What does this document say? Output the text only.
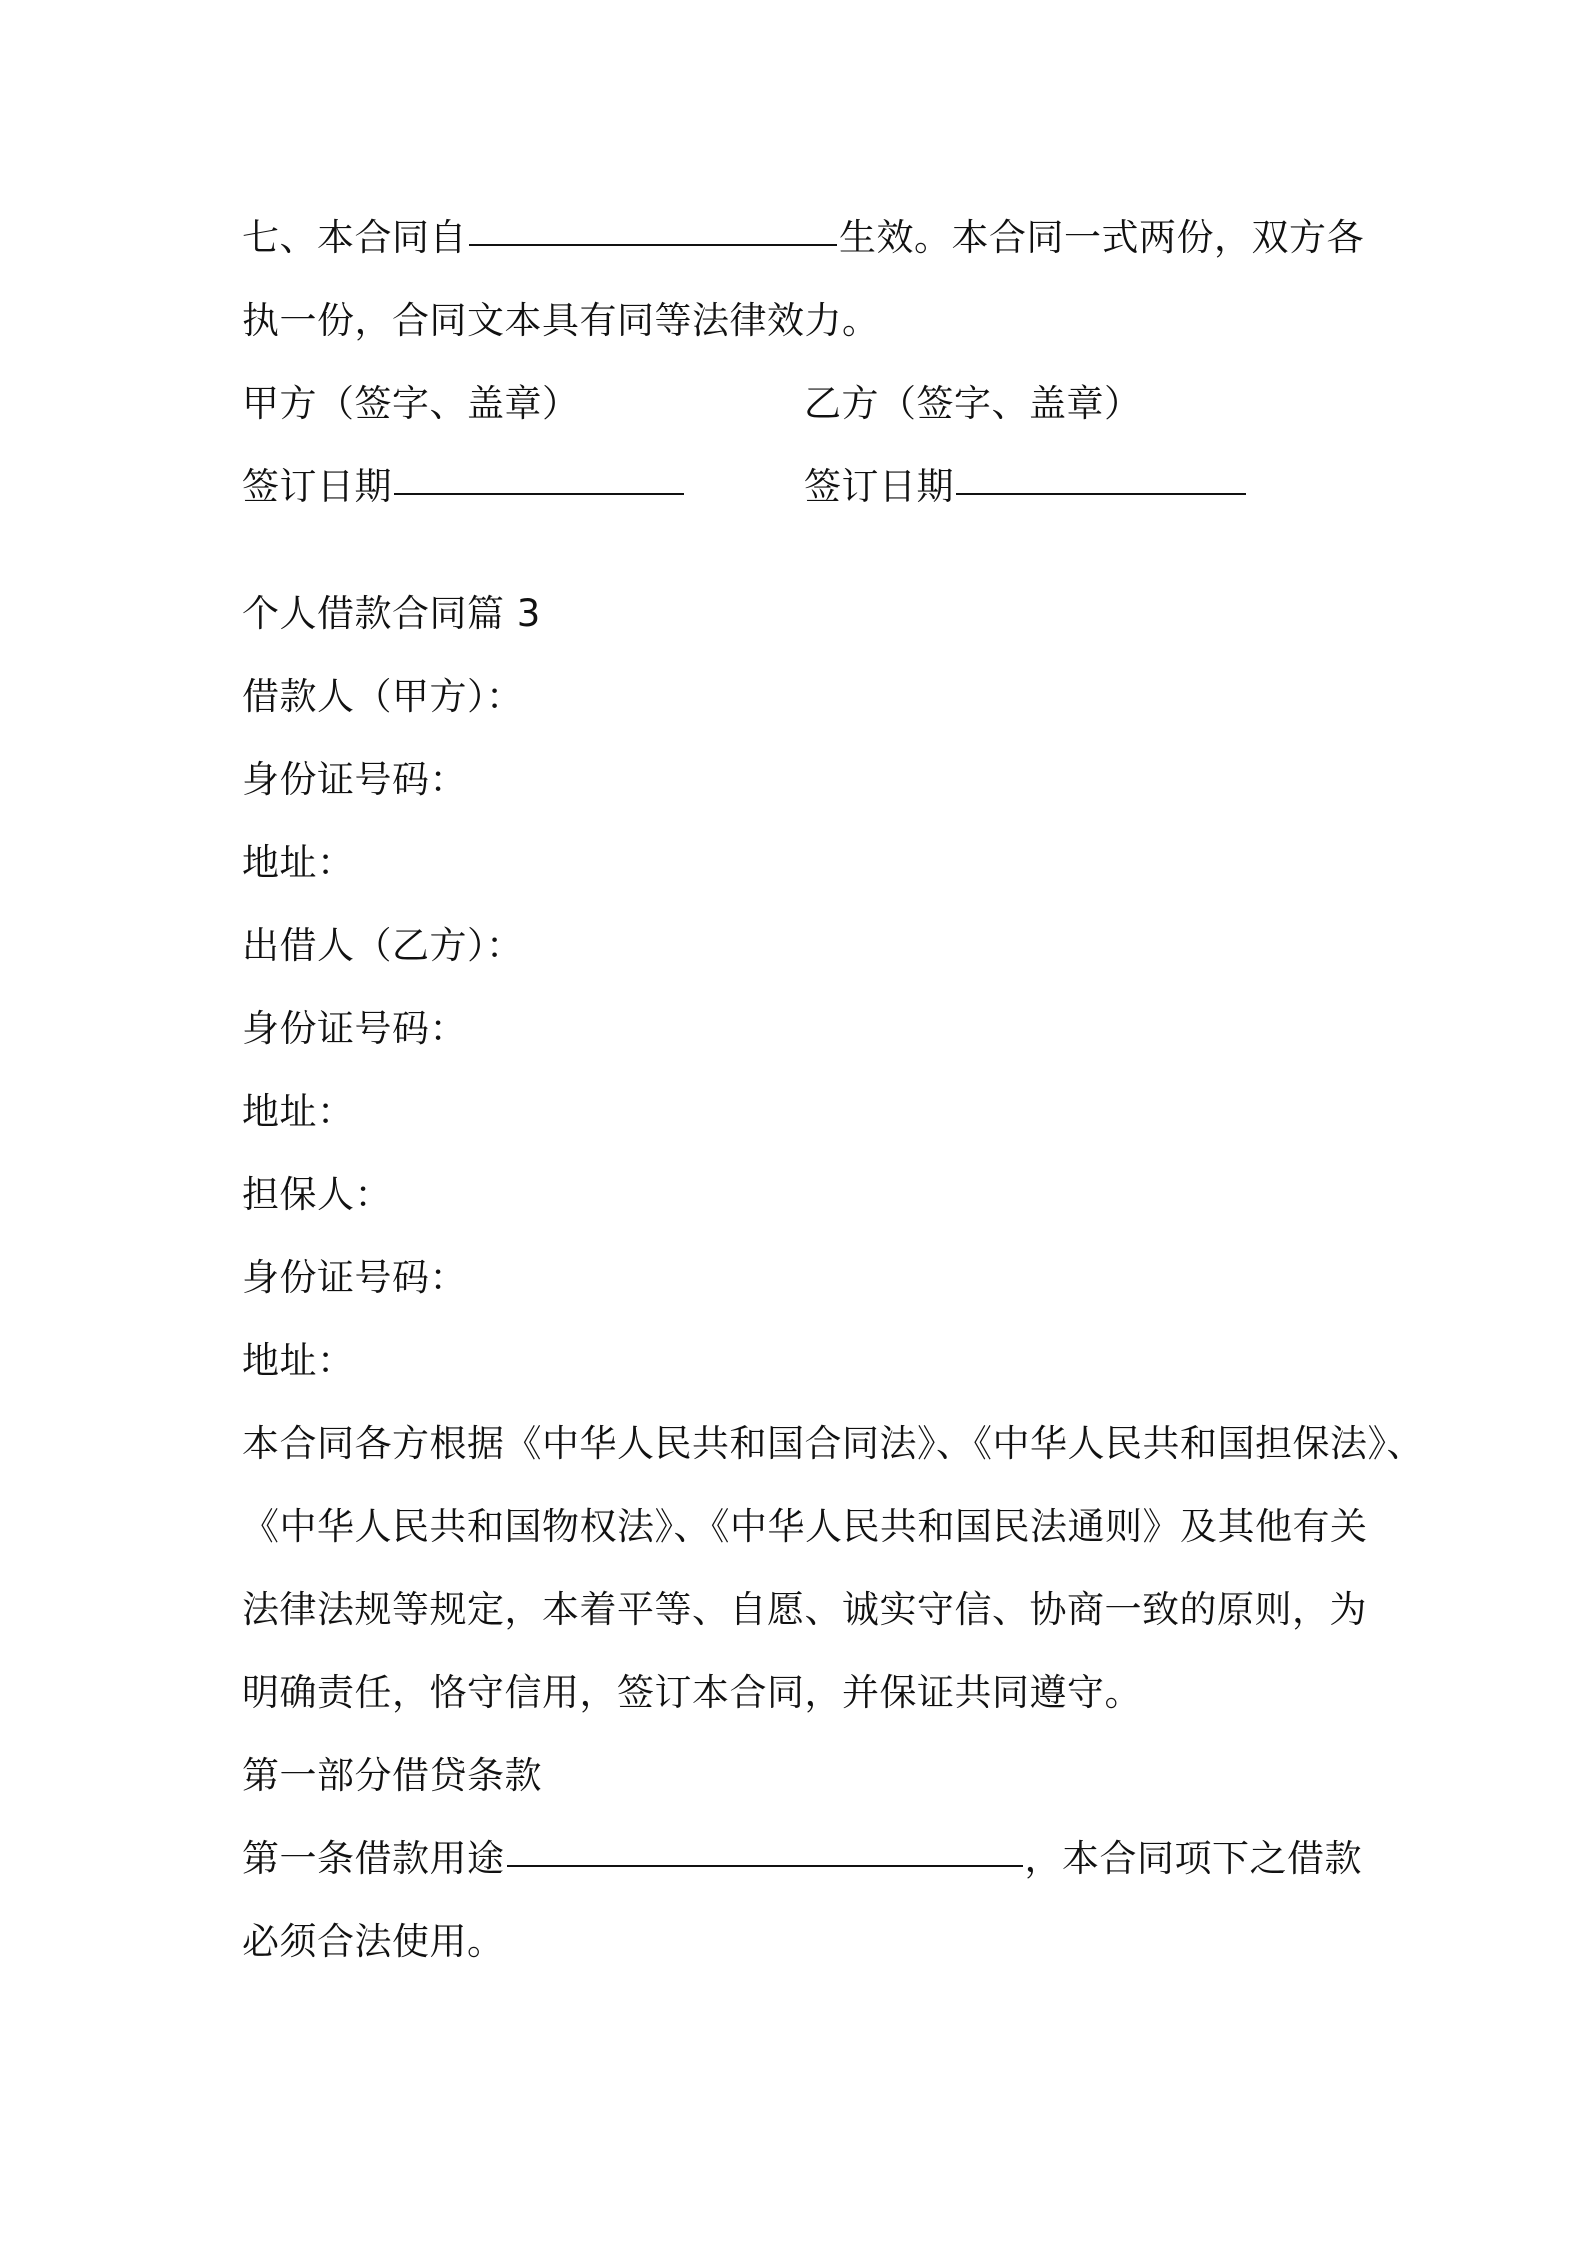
七、本合同自	生效。本合同一式两份，双方各
执一份，合同文本具有同等法律效力。
甲方（签字、盖章）	乙方（签字、盖章）
签订日期	签订日期
个人借款合同篇 3
借款人（甲方）：
身份证号码：
地址：
出借人（乙方）：
身份证号码：
地址：
担保人：
身份证号码：
地址：
本合同各方根据《中华人民共和国合同法》、《中华人民共和国担保法》、
《中华人民共和国物权法》、《中华人民共和国民法通则》及其他有关
法律法规等规定，本着平等、自愿、诚实守信、协商一致的原则，为
明确责任，恪守信用，签订本合同，并保证共同遵守。
第一部分借贷条款
第一条借款用途	，本合同项下之借款
必须合法使用。
